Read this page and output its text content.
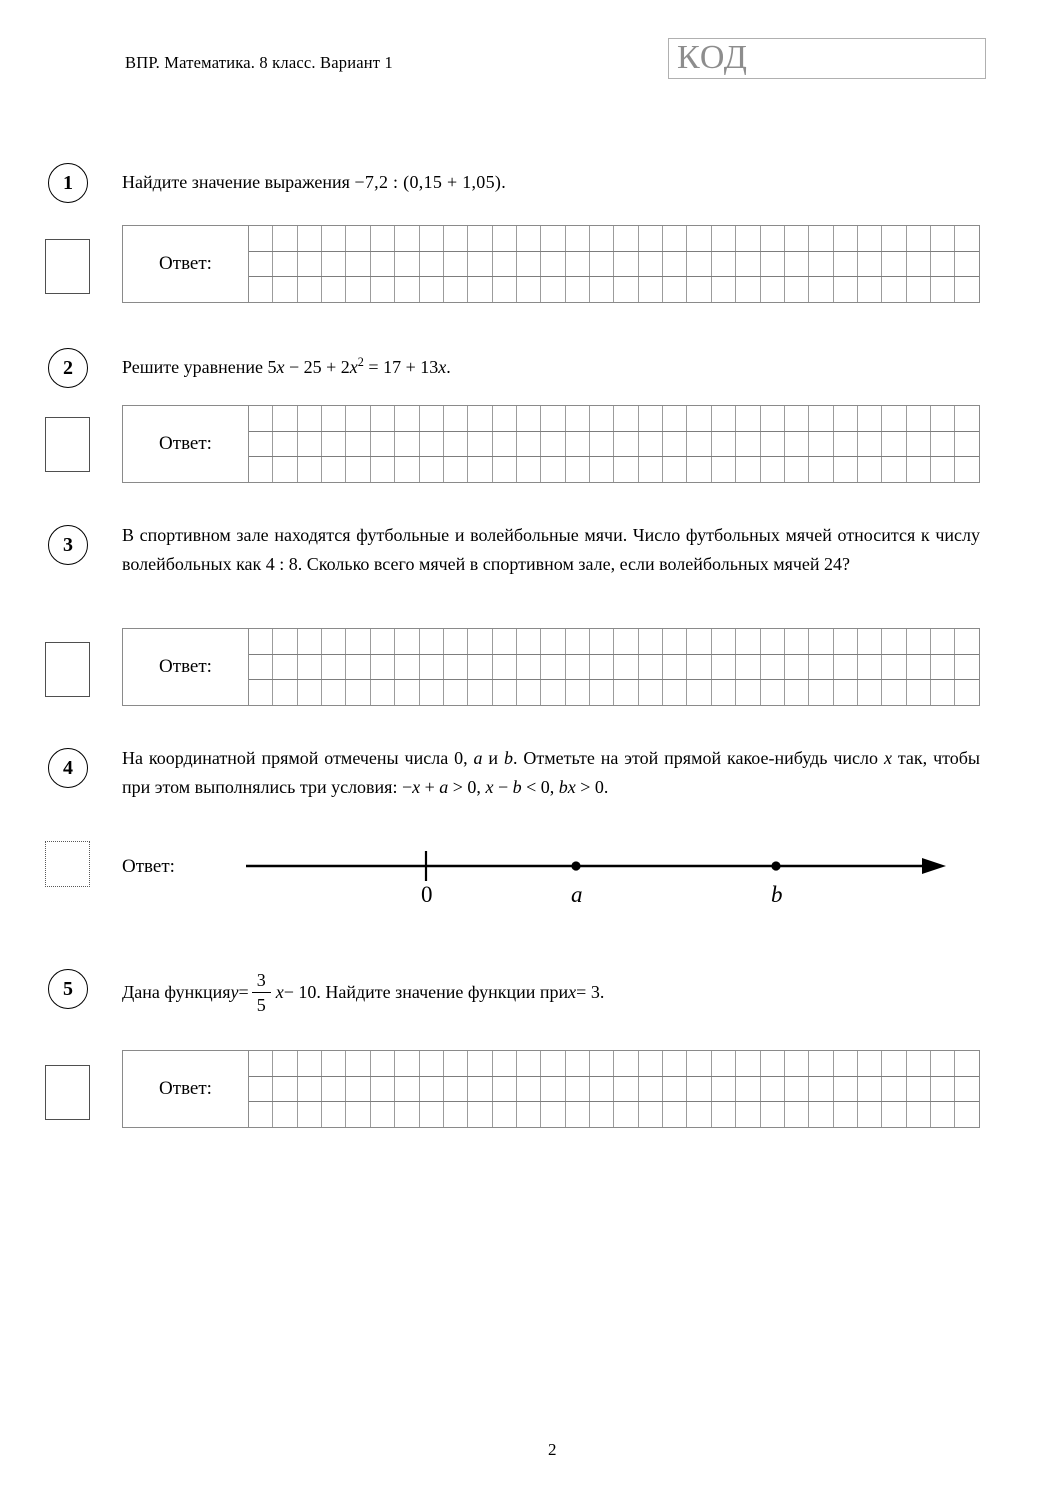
ВПР. Математика. 8 класс. Вариант 1	КОД
1	Найдите значение выражения −7,2 : (0,15 + 1,05).
Ответ:
2	Решите уравнение $5x - 25 + 2x^2 = 17 + 13x$.
Ответ:
3	В спортивном зале находятся футбольные и волейбольные мячи. Число футбольных мячей относится к числу волейбольных как 4 : 8. Сколько всего мячей в спортивном зале, если волейбольных мячей 24?
Ответ:
4	На координатной прямой отмечены числа 0, a и b. Отметьте на этой прямой какое-нибудь число x так, чтобы при этом выполнялись три условия: −x + a > 0, x − b < 0, bx > 0.
Ответ:
0	a	b
5	Дана функция $y = \frac{3}{5}$ x − 10. Найдите значение функции при x = 3.
Ответ:
2
